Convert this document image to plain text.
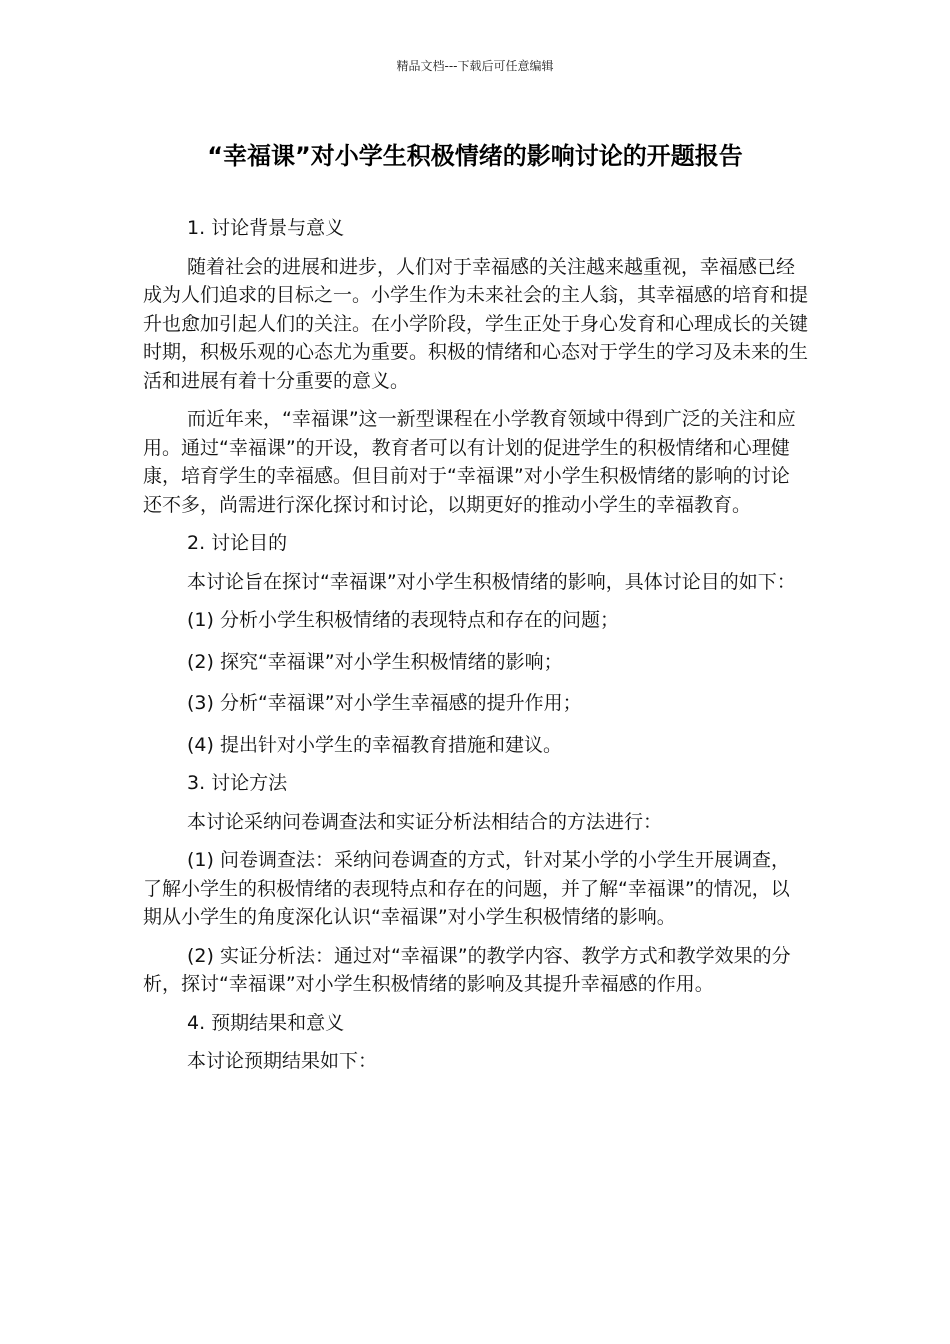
精品文档---下载后可任意编辑
“幸福课”对小学生积极情绪的影响讨论的开题报告

1. 讨论背景与意义

随着社会的进展和进步，人们对于幸福感的关注越来越重视，幸福感已经成为人们追求的目标之一。小学生作为未来社会的主人翁，其幸福感的培育和提升也愈加引起人们的关注。在小学阶段，学生正处于身心发育和心理成长的关键时期，积极乐观的心态尤为重要。积极的情绪和心态对于学生的学习及未来的生活和进展有着十分重要的意义。

而近年来，“幸福课”这一新型课程在小学教育领域中得到广泛的关注和应用。通过“幸福课”的开设，教育者可以有计划的促进学生的积极情绪和心理健康，培育学生的幸福感。但目前对于“幸福课”对小学生积极情绪的影响的讨论还不多，尚需进行深化探讨和讨论，以期更好的推动小学生的幸福教育。

2. 讨论目的

本讨论旨在探讨“幸福课”对小学生积极情绪的影响，具体讨论目的如下：

(1) 分析小学生积极情绪的表现特点和存在的问题；

(2) 探究“幸福课”对小学生积极情绪的影响；

(3) 分析“幸福课”对小学生幸福感的提升作用；

(4) 提出针对小学生的幸福教育措施和建议。

3. 讨论方法

本讨论采纳问卷调查法和实证分析法相结合的方法进行：

(1) 问卷调查法：采纳问卷调查的方式，针对某小学的小学生开展调查，了解小学生的积极情绪的表现特点和存在的问题，并了解“幸福课”的情况，以期从小学生的角度深化认识“幸福课”对小学生积极情绪的影响。

(2) 实证分析法：通过对“幸福课”的教学内容、教学方式和教学效果的分析，探讨“幸福课”对小学生积极情绪的影响及其提升幸福感的作用。

4. 预期结果和意义

本讨论预期结果如下：
